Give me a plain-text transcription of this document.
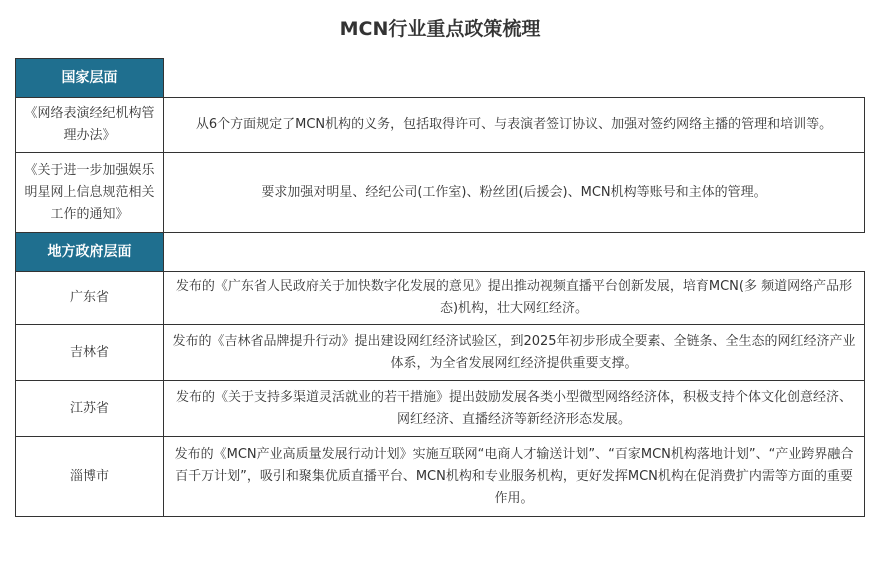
MCN行业重点政策梳理
国家层面	
《网络表演经纪机构管理办法》	从6个方面规定了MCN机构的义务，包括取得许可、与表演者签订协议、加强对签约网络主播的管理和培训等。
《关于进一步加强娱乐明星网上信息规范相关工作的通知》	要求加强对明星、经纪公司(工作室)、粉丝团(后援会)、MCN机构等账号和主体的管理。
地方政府层面	
广东省	发布的《广东省人民政府关于加快数字化发展的意见》提出推动视频直播平台创新发展，培育MCN(多 频道网络产品形态)机构，壮大网红经济。
吉林省	发布的《吉林省品牌提升行动》提出建设网红经济试验区，到2025年初步形成全要素、全链条、全生态的网红经济产业体系，为全省发展网红经济提供重要支撑。
江苏省	发布的《关于支持多渠道灵活就业的若干措施》提出鼓励发展各类小型微型网络经济体，积极支持个体文化创意经济、网红经济、直播经济等新经济形态发展。
淄博市	发布的《MCN产业高质量发展行动计划》实施互联网“电商人才输送计划”、“百家MCN机构落地计划”、“产业跨界融合百千万计划”，吸引和聚集优质直播平台、MCN机构和专业服务机构，更好发挥MCN机构在促消费扩内需等方面的重要作用。
